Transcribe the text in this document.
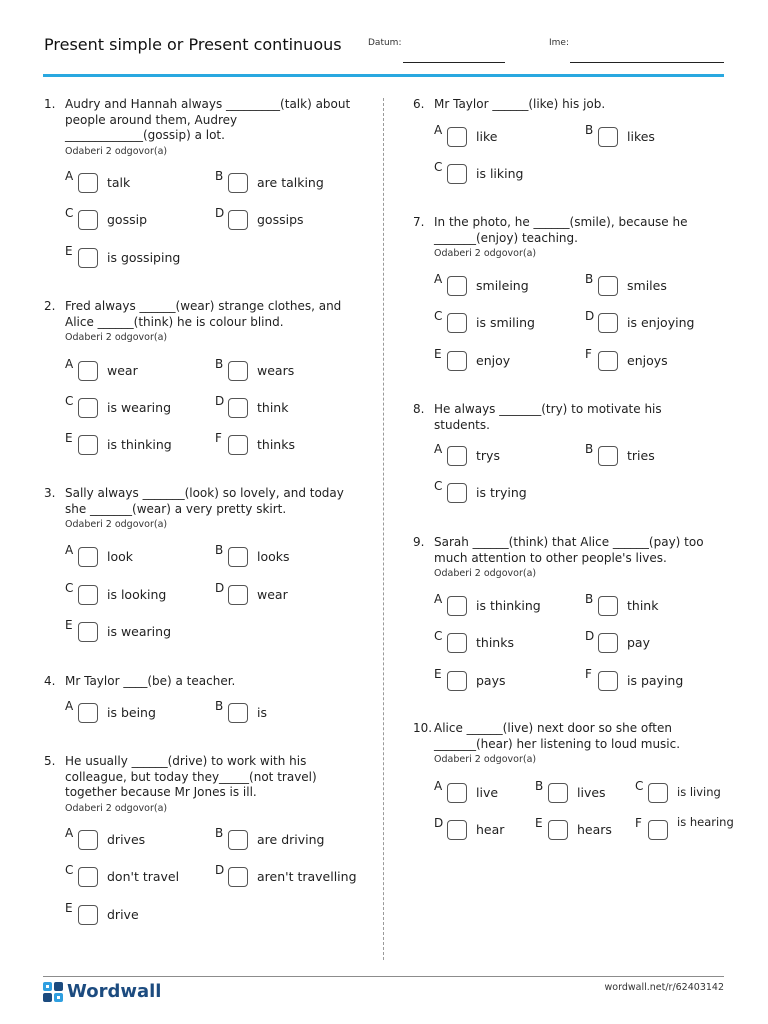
Present simple or Present continuous	Datum:	Ime:
1. Audry and Hannah always _________(talk) about
people around them, Audrey
_____________(gossip) a lot.
Odaberi 2 odgovor(a)
A	talk	B	are talking
C	gossip	D	gossips
E	is gossiping
2. Fred always ______(wear) strange clothes, and
Alice ______(think) he is colour blind.
Odaberi 2 odgovor(a)
A	wear	B	wears
C	is wearing	D	think
E	is thinking	F	thinks
3. Sally always _______(look) so lovely, and today
she _______(wear) a very pretty skirt.
Odaberi 2 odgovor(a)
A	look	B	looks
C	is looking	D	wear
E	is wearing
4. Mr Taylor ____(be) a teacher.
A	is being	B	is
5. He usually ______(drive) to work with his
colleague, but today they_____(not travel)
together because Mr Jones is ill.
Odaberi 2 odgovor(a)
A	drives	B	are driving
C	don't travel	D	aren't travelling
E	drive
6. Mr Taylor ______(like) his job.
A	like	B	likes
C	is liking
7. In the photo, he ______(smile), because he
_______(enjoy) teaching.
Odaberi 2 odgovor(a)
A	smileing	B	smiles
C	is smiling	D	is enjoying
E	enjoy	F	enjoys
8. He always _______(try) to motivate his
students.
A	trys	B	tries
C	is trying
9. Sarah ______(think) that Alice ______(pay) too
much attention to other people's lives.
Odaberi 2 odgovor(a)
A	is thinking	B	think
C	thinks	D	pay
E	pays	F	is paying
10. Alice ______(live) next door so she often
_______(hear) her listening to loud music.
Odaberi 2 odgovor(a)
A	live	B	lives C	is living
D	hear	E	hears F	is hearing
Wordwall	wordwall.net/r/62403142
